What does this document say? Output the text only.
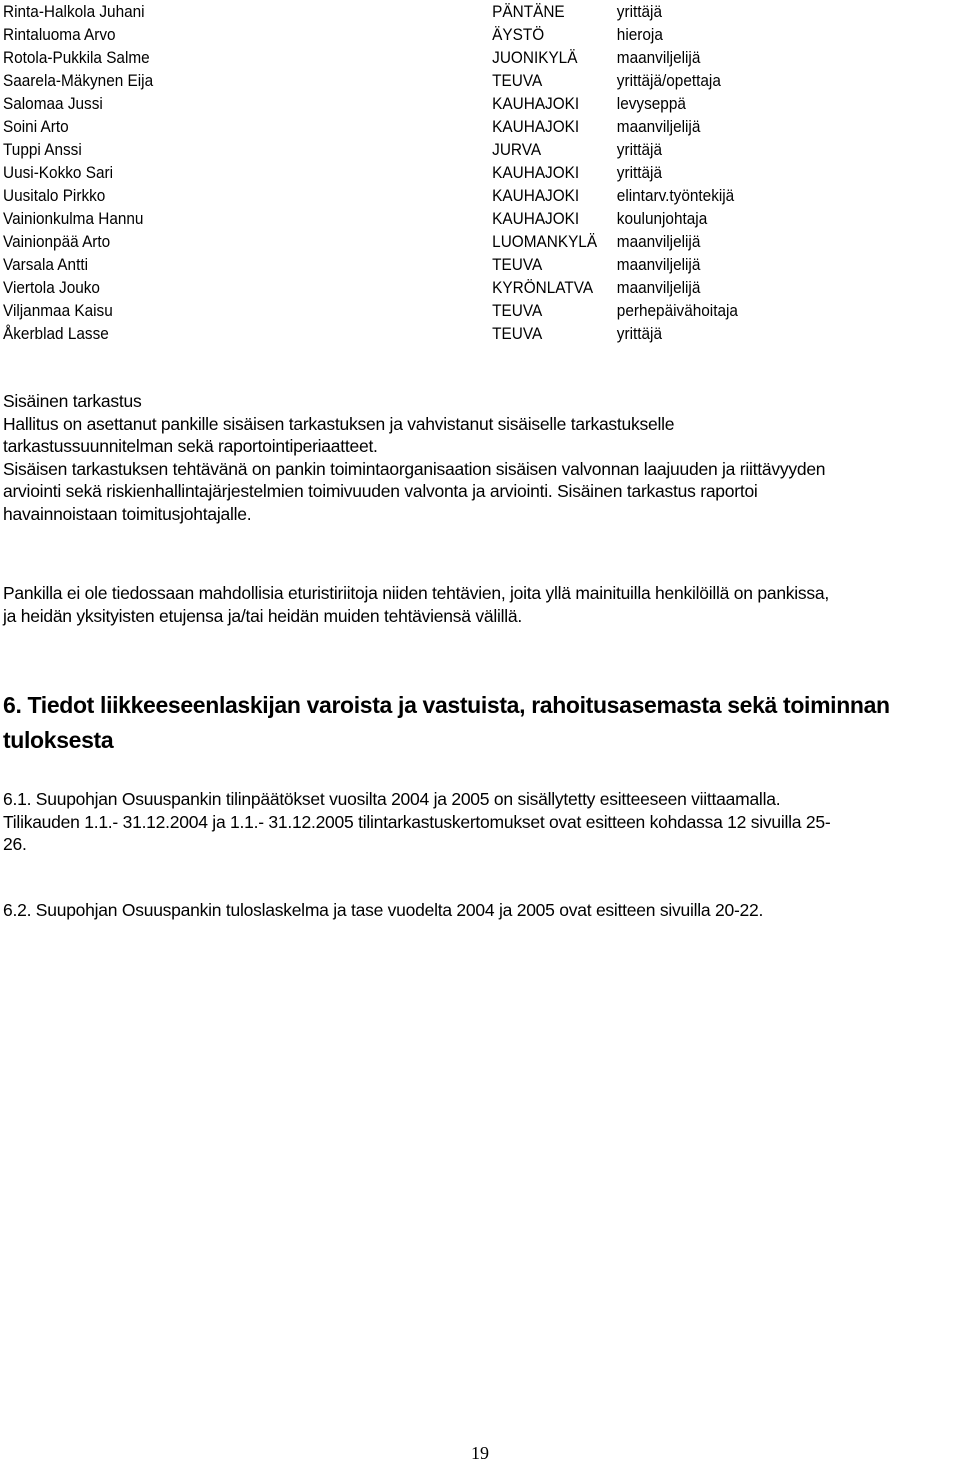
Rinta-Halkola Juhani	PÄNTÄNE	yrittäjä
Rintaluoma Arvo	ÄYSTÖ	hieroja
Rotola-Pukkila Salme	JUONIKYLÄ maanviljelijä
Saarela-Mäkynen Eija	TEUVA	yrittäjä/opettaja
Salomaa Jussi	KAUHAJOKI levyseppä
Soini Arto	KAUHAJOKI maanviljelijä
Tuppi Anssi	JURVA	yrittäjä
Uusi-Kokko Sari	KAUHAJOKI yrittäjä
Uusitalo Pirkko	KAUHAJOKI elintarv.työntekijä
Vainionkulma Hannu	KAUHAJOKI koulunjohtaja
Vainionpää Arto	LUOMANKYLÄ maanviljelijä
Varsala Antti	TEUVA	maanviljelijä
Viertola Jouko	KYRÖNLATVA maanviljelijä
Viljanmaa Kaisu	TEUVA	perhepäivähoitaja
Åkerblad Lasse	TEUVA	yrittäjä

Sisäinen tarkastus

Hallitus on asettanut pankille sisäisen tarkastuksen ja vahvistanut sisäiselle tarkastukselle

tarkastussuunnitelman sekä raportointiperiaatteet.

Sisäisen tarkastuksen tehtävänä on pankin toimintaorganisaation sisäisen valvonnan laajuuden ja riittävyyden

arviointi sekä riskienhallintajärjestelmien toimivuuden valvonta ja arviointi. Sisäinen tarkastus raportoi

havainnoistaan toimitusjohtajalle.

Pankilla ei ole tiedossaan mahdollisia eturistiriitoja niiden tehtävien, joita yllä mainituilla henkilöillä on pankissa,

ja heidän yksityisten etujensa ja/tai heidän muiden tehtäviensä välillä.

6. Tiedot liikkeeseenlaskijan varoista ja vastuista, rahoitusasemasta sekä toiminnan
tuloksesta

6.1. Suupohjan Osuuspankin tilinpäätökset vuosilta 2004 ja 2005 on sisällytetty esitteeseen viittaamalla.

Tilikauden 1.1.- 31.12.2004 ja 1.1.- 31.12.2005 tilintarkastuskertomukset ovat esitteen kohdassa 12 sivuilla 25-

26.

6.2. Suupohjan Osuuspankin tuloslaskelma ja tase vuodelta 2004 ja 2005 ovat esitteen sivuilla 20-22.

19
